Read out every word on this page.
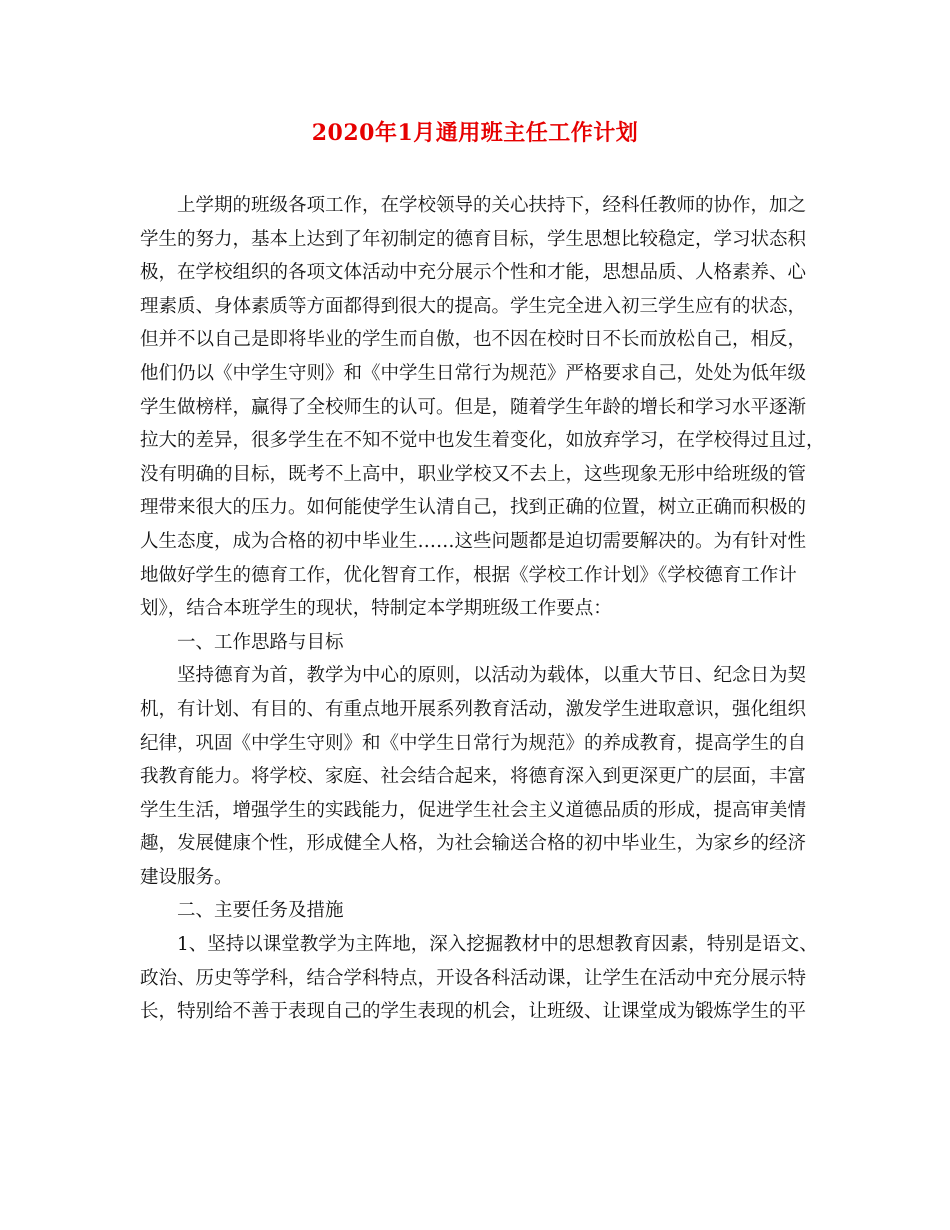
2020年1月通用班主任工作计划
　　上学期的班级各项工作，在学校领导的关心扶持下，经科任教师的协作，加之
学生的努力，基本上达到了年初制定的德育目标，学生思想比较稳定，学习状态积
极，在学校组织的各项文体活动中充分展示个性和才能，思想品质、人格素养、心
理素质、身体素质等方面都得到很大的提高。学生完全进入初三学生应有的状态，
但并不以自己是即将毕业的学生而自傲，也不因在校时日不长而放松自己，相反，
他们仍以《中学生守则》和《中学生日常行为规范》严格要求自己，处处为低年级
学生做榜样，赢得了全校师生的认可。但是，随着学生年龄的增长和学习水平逐渐
拉大的差异，很多学生在不知不觉中也发生着变化，如放弃学习，在学校得过且过，
没有明确的目标，既考不上高中，职业学校又不去上，这些现象无形中给班级的管
理带来很大的压力。如何能使学生认清自己，找到正确的位置，树立正确而积极的
人生态度，成为合格的初中毕业生……这些问题都是迫切需要解决的。为有针对性
地做好学生的德育工作，优化智育工作，根据《学校工作计划》《学校德育工作计
划》，结合本班学生的现状，特制定本学期班级工作要点：
　　一、工作思路与目标
　　坚持德育为首，教学为中心的原则，以活动为载体，以重大节日、纪念日为契
机，有计划、有目的、有重点地开展系列教育活动，激发学生进取意识，强化组织
纪律，巩固《中学生守则》和《中学生日常行为规范》的养成教育，提高学生的自
我教育能力。将学校、家庭、社会结合起来，将德育深入到更深更广的层面，丰富
学生生活，增强学生的实践能力，促进学生社会主义道德品质的形成，提高审美情
趣，发展健康个性，形成健全人格，为社会输送合格的初中毕业生，为家乡的经济
建设服务。
　　二、主要任务及措施
　　1、坚持以课堂教学为主阵地，深入挖掘教材中的思想教育因素，特别是语文、
政治、历史等学科，结合学科特点，开设各科活动课，让学生在活动中充分展示特
长，特别给不善于表现自己的学生表现的机会，让班级、让课堂成为锻炼学生的平
